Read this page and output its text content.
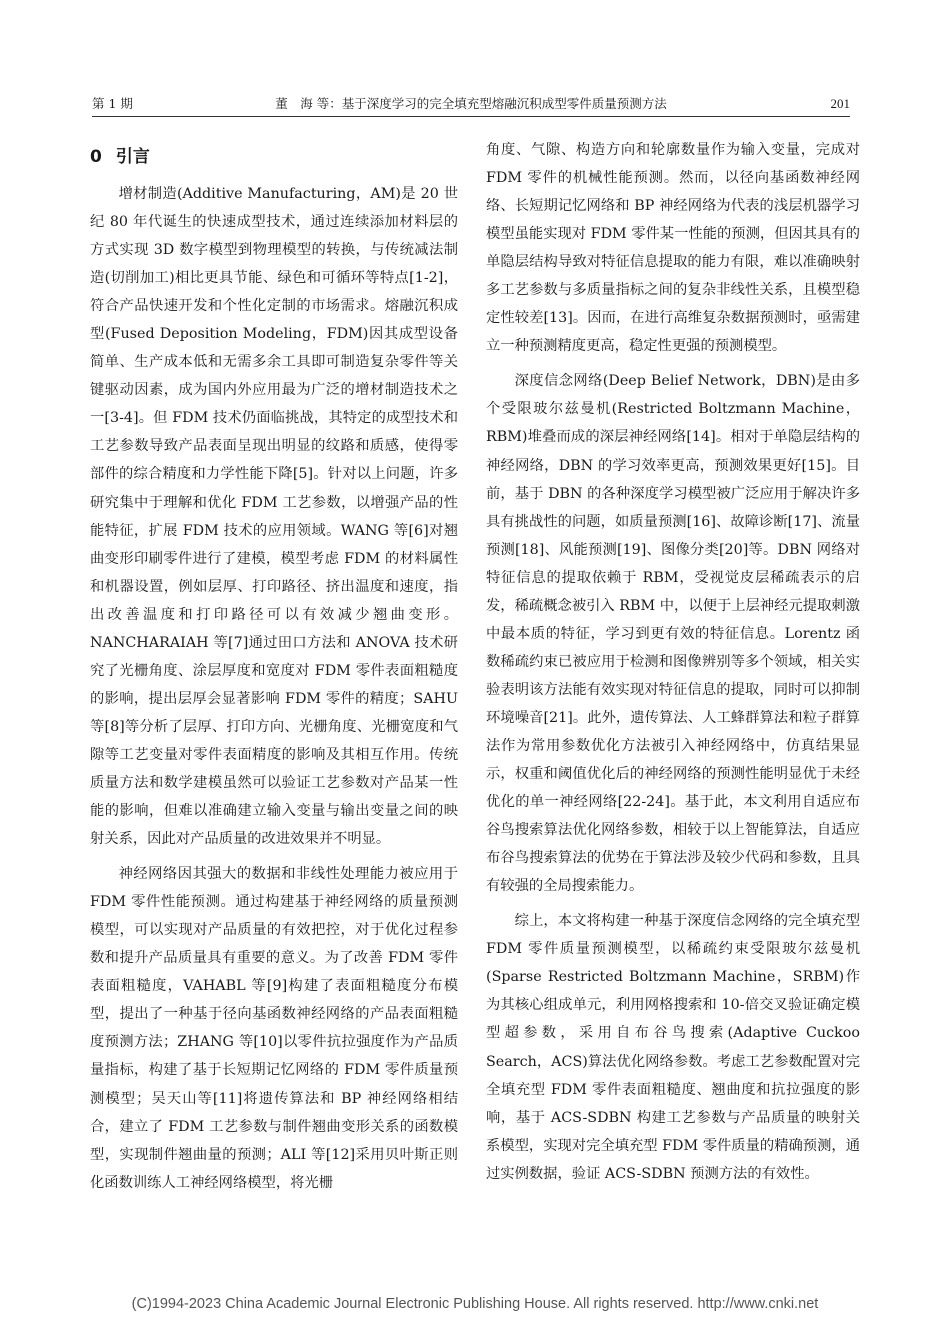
第 1 期	董　海 等：基于深度学习的完全填充型熔融沉积成型零件质量预测方法	201
0 引言

增材制造(Additive Manufacturing，AM)是 20 世纪 80 年代诞生的快速成型技术，通过连续添加材料层的方式实现 3D 数字模型到物理模型的转换，与传统减法制造(切削加工)相比更具节能、绿色和可循环等特点[1-2]，符合产品快速开发和个性化定制的市场需求。熔融沉积成型(Fused Deposition Modeling，FDM)因其成型设备简单、生产成本低和无需多余工具即可制造复杂零件等关键驱动因素，成为国内外应用最为广泛的增材制造技术之一[3-4]。但 FDM 技术仍面临挑战，其特定的成型技术和工艺参数导致产品表面呈现出明显的纹路和质感，使得零部件的综合精度和力学性能下降[5]。针对以上问题，许多研究集中于理解和优化 FDM 工艺参数，以增强产品的性能特征，扩展 FDM 技术的应用领域。WANG 等[6]对翘曲变形印刷零件进行了建模，模型考虑 FDM 的材料属性和机器设置，例如层厚、打印路径、挤出温度和速度，指出改善温度和打印路径可以有效减少翘曲变形。NANCHARAIAH 等[7]通过田口方法和 ANOVA 技术研究了光栅角度、涂层厚度和宽度对 FDM 零件表面粗糙度的影响，提出层厚会显著影响 FDM 零件的精度；SAHU 等[8]等分析了层厚、打印方向、光栅角度、光栅宽度和气隙等工艺变量对零件表面精度的影响及其相互作用。传统质量方法和数学建模虽然可以验证工艺参数对产品某一性能的影响，但难以准确建立输入变量与输出变量之间的映射关系，因此对产品质量的改进效果并不明显。

神经网络因其强大的数据和非线性处理能力被应用于 FDM 零件性能预测。通过构建基于神经网络的质量预测模型，可以实现对产品质量的有效把控，对于优化过程参数和提升产品质量具有重要的意义。为了改善 FDM 零件表面粗糙度，VAHABL 等[9]构建了表面粗糙度分布模型，提出了一种基于径向基函数神经网络的产品表面粗糙度预测方法；ZHANG 等[10]以零件抗拉强度作为产品质量指标，构建了基于长短期记忆网络的 FDM 零件质量预测模型；吴天山等[11]将遗传算法和 BP 神经网络相结合，建立了 FDM 工艺参数与制件翘曲变形关系的函数模型，实现制件翘曲量的预测；ALI 等[12]采用贝叶斯正则化函数训练人工神经网络模型，将光栅

角度、气隙、构造方向和轮廓数量作为输入变量，完成对 FDM 零件的机械性能预测。然而，以径向基函数神经网络、长短期记忆网络和 BP 神经网络为代表的浅层机器学习模型虽能实现对 FDM 零件某一性能的预测，但因其具有的单隐层结构导致对特征信息提取的能力有限，难以准确映射多工艺参数与多质量指标之间的复杂非线性关系，且模型稳定性较差[13]。因而，在进行高维复杂数据预测时，亟需建立一种预测精度更高，稳定性更强的预测模型。

深度信念网络(Deep Belief Network，DBN)是由多个受限玻尔兹曼机(Restricted Boltzmann Machine，RBM)堆叠而成的深层神经网络[14]。相对于单隐层结构的神经网络，DBN 的学习效率更高，预测效果更好[15]。目前，基于 DBN 的各种深度学习模型被广泛应用于解决许多具有挑战性的问题，如质量预测[16]、故障诊断[17]、流量预测[18]、风能预测[19]、图像分类[20]等。DBN 网络对特征信息的提取依赖于 RBM，受视觉皮层稀疏表示的启发，稀疏概念被引入 RBM 中，以便于上层神经元提取刺激中最本质的特征，学习到更有效的特征信息。Lorentz 函数稀疏约束已被应用于检测和图像辨别等多个领域，相关实验表明该方法能有效实现对特征信息的提取，同时可以抑制环境噪音[21]。此外，遗传算法、人工蜂群算法和粒子群算法作为常用参数优化方法被引入神经网络中，仿真结果显示，权重和阈值优化后的神经网络的预测性能明显优于未经优化的单一神经网络[22-24]。基于此，本文利用自适应布谷鸟搜索算法优化网络参数，相较于以上智能算法，自适应布谷鸟搜索算法的优势在于算法涉及较少代码和参数，且具有较强的全局搜索能力。

综上，本文将构建一种基于深度信念网络的完全填充型 FDM 零件质量预测模型，以稀疏约束受限玻尔兹曼机(Sparse Restricted Boltzmann Machine，SRBM)作为其核心组成单元，利用网格搜索和 10-倍交叉验证确定模型超参数，采用自布谷鸟搜索(Adaptive Cuckoo Search，ACS)算法优化网络参数。考虑工艺参数配置对完全填充型 FDM 零件表面粗糙度、翘曲度和抗拉强度的影响，基于 ACS-SDBN 构建工艺参数与产品质量的映射关系模型，实现对完全填充型 FDM 零件质量的精确预测，通过实例数据，验证 ACS-SDBN 预测方法的有效性。

(C)1994-2023 China Academic Journal Electronic Publishing House. All rights reserved. http://www.cnki.net
